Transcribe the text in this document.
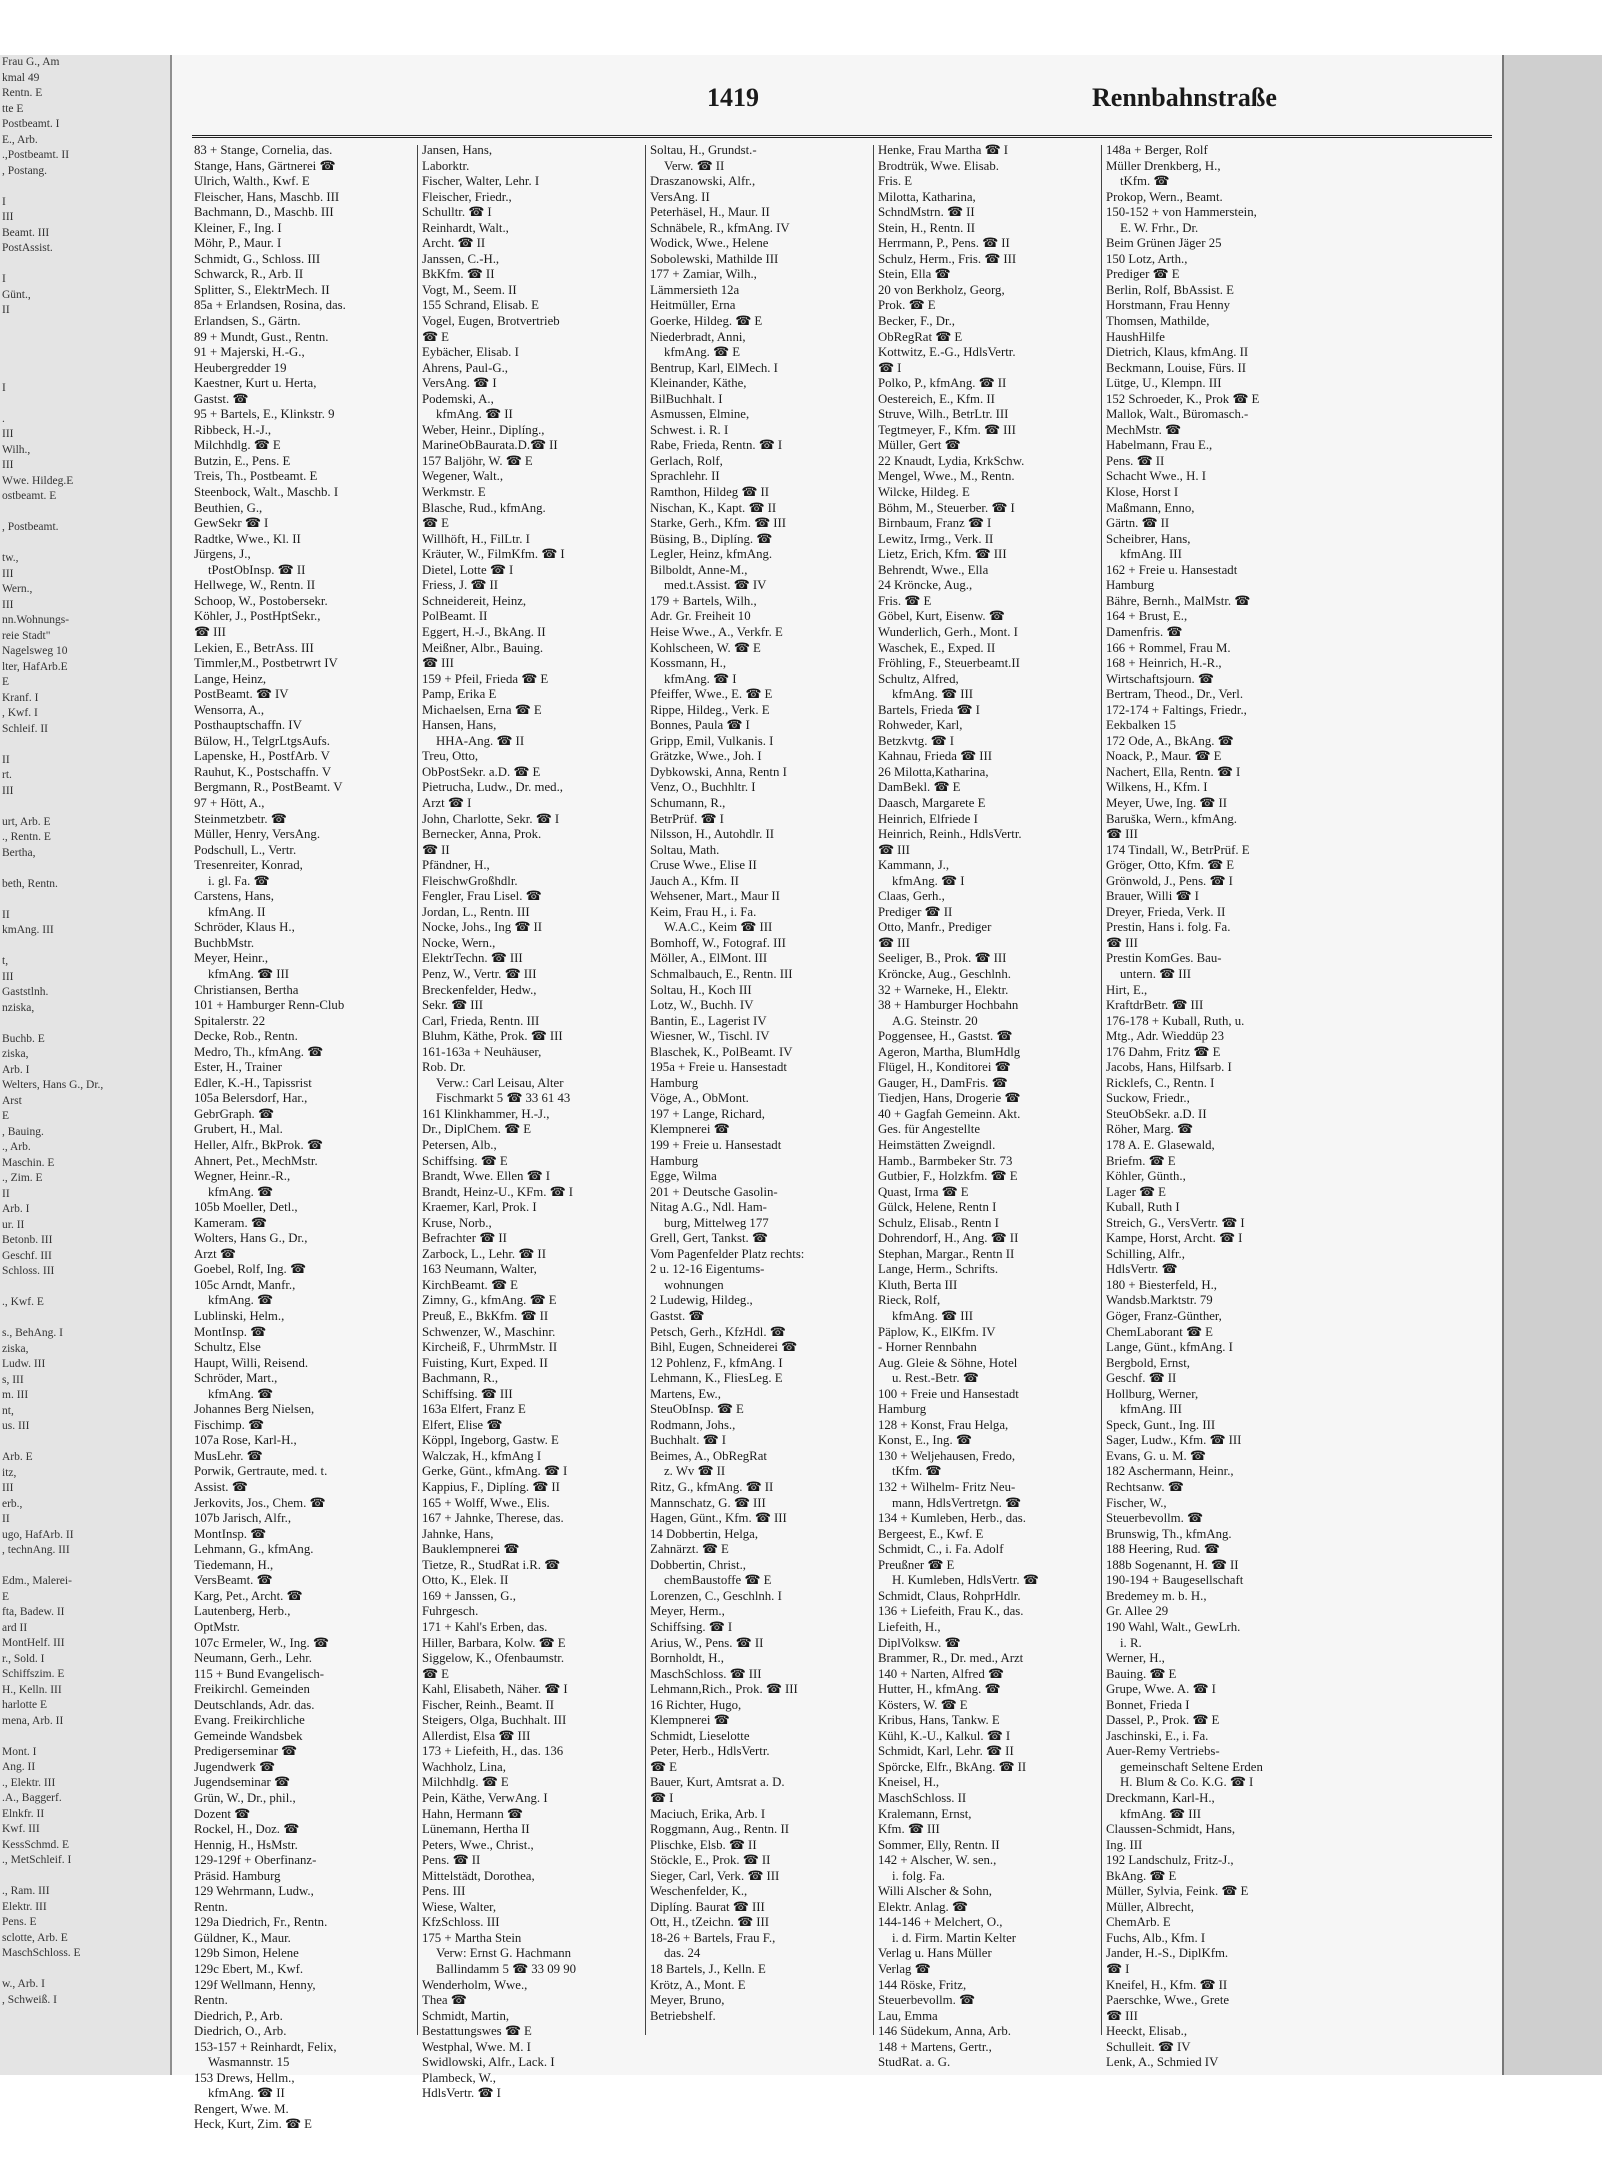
Frau G., Am
kmal 49
Rentn. E
tte E
Postbeamt. I
E., Arb.
.,Postbeamt. II
, Postang.

I
III
Beamt. III
PostAssist.

I
Günt.,
II

I

.
III
Wilh.,
III
Wwe. Hildeg.E
ostbeamt. E

, Postbeamt.

tw.,
III
Wern.,
III
nn.Wohnungs-
reie Stadt"
Nagelsweg 10
lter, HafArb.E
E
Kranf. I
, Kwf. I
Schleif. II

II
rt.
III

urt, Arb. E
., Rentn. E
Bertha,

beth, Rentn.

II
kmAng. III

t,
III
Gaststlnh.
nziska,

Buchb. E
ziska,
Arb. I
Welters, Hans G., Dr.,
Arst
E
, Bauing.
., Arb.
Maschin. E
., Zim. E
II
Arb. I
ur. II
Betonb. III
Geschf. III
Schloss. III

., Kwf. E

s., BehAng. I
ziska,
Ludw. III
s, III
m. III
nt,
us. III

Arb. E
itz,
III
erb.,
II
ugo, HafArb. II
, technAng. III

Edm., Malerei-
E
fta, Badew. II
ard II
MontHelf. III
r., Sold. I
Schiffszim. E
H., Kelln. III
harlotte E
mena, Arb. II

Mont. I
Ang. II
., Elektr. III
.A., Baggerf.
Elnkfr. II
Kwf. III
KessSchmd. E
., MetSchleif. I

., Ram. III
Elektr. III
Pens. E
sclotte, Arb. E
MaschSchloss. E

w., Arb. I
, Schweiß. I
1419	Rennbahnstraße
83 + Stange, Cornelia, das.
Stange, Hans, Gärtnerei ☎
Ulrich, Walth., Kwf. E
Fleischer, Hans, Maschb. III
Bachmann, D., Maschb. III
Kleiner, F., Ing. I
Möhr, P., Maur. I
Schmidt, G., Schloss. III
Schwarck, R., Arb. II
Splitter, S., ElektrMech. II
85a + Erlandsen, Rosina, das.
Erlandsen, S., Gärtn.
89 + Mundt, Gust., Rentn.
91 + Majerski, H.-G.,
Heubergredder 19
Kaestner, Kurt u. Herta,
Gastst. ☎
95 + Bartels, E., Klinkstr. 9
Ribbeck, H.-J.,
Milchhdlg. ☎ E
Butzin, E., Pens. E
Treis, Th., Postbeamt. E
Steenbock, Walt., Maschb. I
Beuthien, G.,
GewSekr ☎ I
Radtke, Wwe., Kl. II
Jürgens, J.,
tPostObInsp. ☎ II
Hellwege, W., Rentn. II
Schoop, W., Postobersekr.
Köhler, J., PostHptSekr.,
☎ III
Lekien, E., BetrAss. III
Timmler,M., Postbetrwrt IV
Lange, Heinz,
PostBeamt. ☎ IV
Wensorra, A.,
Posthauptschaffn. IV
Bülow, H., TelgrLtgsAufs.
Lapenske, H., PostfArb. V
Rauhut, K., Postschaffn. V
Bergmann, R., PostBeamt. V
97 + Hött, A.,
Steinmetzbetr. ☎
Müller, Henry, VersAng.
Podschull, L., Vertr.
Tresenreiter, Konrad,
i. gl. Fa. ☎
Carstens, Hans,
kfmAng. II
Schröder, Klaus H.,
BuchbMstr.
Meyer, Heinr.,
kfmAng. ☎ III
Christiansen, Bertha
101 + Hamburger Renn-Club
Spitalerstr. 22
Decke, Rob., Rentn.
Medro, Th., kfmAng. ☎
Ester, H., Trainer
Edler, K.-H., Tapissrist
105a Belersdorf, Har.,
GebrGraph. ☎
Grubert, H., Mal.
Heller, Alfr., BkProk. ☎
Ahnert, Pet., MechMstr.
Wegner, Heinr.-R.,
kfmAng. ☎
105b Moeller, Detl.,
Kameram. ☎
Wolters, Hans G., Dr.,
Arzt ☎
Goebel, Rolf, Ing. ☎
105c Arndt, Manfr.,
kfmAng. ☎
Lublinski, Helm.,
MontInsp. ☎
Schultz, Else
Haupt, Willi, Reisend.
Schröder, Mart.,
kfmAng. ☎
Johannes Berg Nielsen,
Fischimp. ☎
107a Rose, Karl-H.,
MusLehr. ☎
Porwik, Gertraute, med. t.
Assist. ☎
Jerkovits, Jos., Chem. ☎
107b Jarisch, Alfr.,
MontInsp. ☎
Lehmann, G., kfmAng.
Tiedemann, H.,
VersBeamt. ☎
Karg, Pet., Archt. ☎
Lautenberg, Herb.,
OptMstr.
107c Ermeler, W., Ing. ☎
Neumann, Gerh., Lehr.
115 + Bund Evangelisch-
Freikirchl. Gemeinden
Deutschlands, Adr. das.
Evang. Freikirchliche
Gemeinde Wandsbek
Predigerseminar ☎
Jugendwerk ☎
Jugendseminar ☎
Grün, W., Dr., phil.,
Dozent ☎
Rockel, H., Doz. ☎
Hennig, H., HsMstr.
129-129f + Oberfinanz-
Präsid. Hamburg
129 Wehrmann, Ludw.,
Rentn.
129a Diedrich, Fr., Rentn.
Güldner, K., Maur.
129b Simon, Helene
129c Ebert, M., Kwf.
129f Wellmann, Henny,
Rentn.
Diedrich, P., Arb.
Diedrich, O., Arb.
153-157 + Reinhardt, Felix,
Wasmannstr. 15
153 Drews, Hellm.,
kfmAng. ☎ II
Rengert, Wwe. M.
Heck, Kurt, Zim. ☎ E
Jansen, Hans,
Laborktr.
Fischer, Walter, Lehr. I
Fleischer, Friedr.,
Schulltr. ☎ I
Reinhardt, Walt.,
Archt. ☎ II
Janssen, C.-H.,
BkKfm. ☎ II
Vogt, M., Seem. II
155 Schrand, Elisab. E
Vogel, Eugen, Brotvertrieb
☎ E
Eybächer, Elisab. I
Ahrens, Paul-G.,
VersAng. ☎ I
Podemski, A.,
kfmAng. ☎ II
Weber, Heinr., Diplíng.,
MarineObBaurata.D.☎ II
157 Baljöhr, W. ☎ E
Wegener, Walt.,
Werkmstr. E
Blasche, Rud., kfmAng.
☎ E
Willhöft, H., FilLtr. I
Kräuter, W., FilmKfm. ☎ I
Dietel, Lotte ☎ I
Friess, J. ☎ II
Schneidereit, Heinz,
PolBeamt. II
Eggert, H.-J., BkAng. II
Meißner, Albr., Bauing.
☎ III
159 + Pfeil, Frieda ☎ E
Pamp, Erika E
Michaelsen, Erna ☎ E
Hansen, Hans,
HHA-Ang. ☎ II
Treu, Otto,
ObPostSekr. a.D. ☎ E
Pietrucha, Ludw., Dr. med.,
Arzt ☎ I
John, Charlotte, Sekr. ☎ I
Bernecker, Anna, Prok.
☎ II
Pfändner, H.,
FleischwGroßhdlr.
Fengler, Frau Lisel. ☎
Jordan, L., Rentn. III
Nocke, Johs., Ing ☎ II
Nocke, Wern.,
ElektrTechn. ☎ III
Penz, W., Vertr. ☎ III
Breckenfelder, Hedw.,
Sekr. ☎ III
Carl, Frieda, Rentn. III
Bluhm, Käthe, Prok. ☎ III
161-163a + Neuhäuser,
Rob. Dr.
Verw.: Carl Leisau, Alter
Fischmarkt 5 ☎ 33 61 43
161 Klinkhammer, H.-J.,
Dr., DiplChem. ☎ E
Petersen, Alb.,
Schiffsing. ☎ E
Brandt, Wwe. Ellen ☎ I
Brandt, Heinz-U., KFm. ☎ I
Kraemer, Karl, Prok. I
Kruse, Norb.,
Befrachter ☎ II
Zarbock, L., Lehr. ☎ II
163 Neumann, Walter,
KirchBeamt. ☎ E
Zimny, G., kfmAng. ☎ E
Preuß, E., BkKfm. ☎ II
Schwenzer, W., Maschinг.
Kircheiß, F., UhrmMstr. II
Fuisting, Kurt, Exped. II
Bachmann, R.,
Schiffsing. ☎ III
163a Elfert, Franz E
Elfert, Elise ☎
Köppl, Ingeborg, Gastw. E
Walczak, H., kfmAng I
Gerke, Günt., kfmAng. ☎ I
Kappius, F., Diplíng. ☎ II
165 + Wolff, Wwe., Elis.
167 + Jahnke, Therese, das.
Jahnke, Hans,
Bauklempnerei ☎
Tietze, R., StudRat i.R. ☎
Otto, K., Elek. II
169 + Janssen, G.,
Fuhrgesch.
171 + Kahl's Erben, das.
Hiller, Barbara, Kolw. ☎ E
Siggelow, K., Ofenbaumstr.
☎ E
Kahl, Elisabeth, Näher. ☎ I
Fischer, Reinh., Beamt. II
Steigers, Olga, Buchhalt. III
Allerdist, Elsa ☎ III
173 + Liefeith, H., das. 136
Wachholz, Lina,
Milchhdlg. ☎ E
Pein, Käthe, VerwAng. I
Hahn, Hermann ☎
Lünemann, Hertha II
Peters, Wwe., Christ.,
Pens. ☎ II
Mittelstädt, Dorothea,
Pens. III
Wiese, Walter,
KfzSchloss. III
175 + Martha Stein
Verw: Ernst G. Hachmann
Ballindamm 5 ☎ 33 09 90
Wenderholm, Wwe.,
Thea ☎
Schmidt, Martin,
Bestattungswes ☎ E
Westphal, Wwe. M. I
Swidlowski, Alfr., Lack. I
Plambeck, W.,
HdlsVertr. ☎ I
Soltau, H., Grundst.-
Verw. ☎ II
Draszanowski, Alfr.,
VersAng. II
Peterhäsel, H., Maur. II
Schnäbele, R., kfmAng. IV
Wodick, Wwe., Helene
Sobolewski, Mathilde III
177 + Zamiar, Wilh.,
Lämmersieth 12a
Heitmüller, Erna
Goerke, Hildeg. ☎ E
Niederbradt, Anni,
kfmAng. ☎ E
Bentrup, Karl, ElMech. I
Kleinander, Käthe,
BilBuchhalt. I
Asmussen, Elmine,
Schwest. i. R. I
Rabe, Frieda, Rentn. ☎ I
Gerlach, Rolf,
Sprachlehr. II
Ramthon, Hildeg ☎ II
Nischan, K., Kapt. ☎ II
Starke, Gerh., Kfm. ☎ III
Büsing, B., Diplíng. ☎
Legler, Heinz, kfmAng.
Bilboldt, Anne-M.,
med.t.Assist. ☎ IV
179 + Bartels, Wilh.,
Adr. Gr. Freiheit 10
Heise Wwe., A., Verkfr. E
Kohlscheen, W. ☎ E
Kossmann, H.,
kfmAng. ☎ I
Pfeiffer, Wwe., E. ☎ E
Rippe, Hildeg., Verk. E
Bonnes, Paula ☎ I
Gripp, Emil, Vulkanis. I
Grätzke, Wwe., Joh. I
Dybkowski, Anna, Rentn I
Venz, O., Buchhltr. I
Schumann, R.,
BetrPrüf. ☎ I
Nilsson, H., Autohdlr. II
Soltau, Math.
Cruse Wwe., Elise II
Jauch A., Kfm. II
Wehsener, Mart., Maur II
Keim, Frau H., i. Fa.
W.A.C., Keim ☎ III
Bomhoff, W., Fotograf. III
Möller, A., ElMont. III
Schmalbauch, E., Rentn. III
Soltau, H., Koch III
Lotz, W., Buchh. IV
Bantin, E., Lagerist IV
Wiesner, W., Tischl. IV
Blaschek, K., PolBeamt. IV
195a + Freie u. Hansestadt
Hamburg
Vöge, A., ObMont.
197 + Lange, Richard,
Klempnerei ☎
199 + Freie u. Hansestadt
Hamburg
Egge, Wilma
201 + Deutsche Gasolin-
Nitag A.G., Ndl. Ham-
burg, Mittelweg 177
Grell, Gert, Tankst. ☎
Vom Pagenfelder Platz rechts:
2 u. 12-16 Eigentums-
wohnungen
2 Ludewig, Hildeg.,
Gastst. ☎
Petsch, Gerh., KfzHdl. ☎
Bihl, Eugen, Schneiderei ☎
12 Pohlenz, F., kfmAng. I
Lehmann, K., FliesLeg. E
Martens, Ew.,
SteuObInsp. ☎ E
Rodmann, Johs.,
Buchhalt. ☎ I
Beimes, A., ObRegRat
z. Wv ☎ II
Ritz, G., kfmAng. ☎ II
Mannschatz, G. ☎ III
Hagen, Günt., Kfm. ☎ III
14 Dobbertin, Helga,
Zahnärzt. ☎ E
Dobbertin, Christ.,
chemBaustoffe ☎ E
Lorenzen, C., Geschlnh. I
Meyer, Herm.,
Schiffsing. ☎ I
Arius, W., Pens. ☎ II
Bornholdt, H.,
MaschSchloss. ☎ III
Lehmann,Rich., Prok. ☎ III
16 Richter, Hugo,
Klempnerei ☎
Schmidt, Lieselotte
Peter, Herb., HdlsVertr.
☎ E
Bauer, Kurt, Amtsrat a. D.
☎ I
Maciuch, Erika, Arb. I
Roggmann, Aug., Rentn. II
Plischke, Elsb. ☎ II
Stöckle, E., Prok. ☎ II
Sieger, Carl, Verk. ☎ III
Weschenfelder, K.,
Diplíng. Baurat ☎ III
Ott, H., tZeichn. ☎ III
18-26 + Bartels, Frau F.,
das. 24
18 Bartels, J., Kelln. E
Krötz, A., Mont. E
Meyer, Bruno,
Betriebshelf.
Henke, Frau Martha ☎ I
Brodtrük, Wwe. Elisab.
Fris. E
Milotta, Katharina,
SchndMstrn. ☎ II
Stein, H., Rentn. II
Herrmann, P., Pens. ☎ II
Schulz, Herm., Fris. ☎ III
Stein, Ella ☎
20 von Berkholz, Georg,
Prok. ☎ E
Becker, F., Dr.,
ObRegRat ☎ E
Kottwitz, E.-G., HdlsVertr.
☎ I
Polko, P., kfmAng. ☎ II
Oestereich, E., Kfm. II
Struve, Wilh., BetrLtr. III
Tegtmeyer, F., Kfm. ☎ III
Müller, Gert ☎
22 Knaudt, Lydia, KrkSchw.
Mengel, Wwe., M., Rentn.
Wilcke, Hildeg. E
Böhm, M., Steuerber. ☎ I
Birnbaum, Franz ☎ I
Lewitz, Irmg., Verk. II
Lietz, Erich, Kfm. ☎ III
Behrendt, Wwe., Ella
24 Kröncke, Aug.,
Fris. ☎ E
Göbel, Kurt, Eisenw. ☎
Wunderlich, Gerh., Mont. I
Waschek, E., Exped. II
Fröhling, F., Steuerbeamt.II
Schultz, Alfred,
kfmAng. ☎ III
Bartels, Frieda ☎ I
Rohweder, Karl,
Betzkvtg. ☎ I
Kahnau, Frieda ☎ III
26 Milotta,Katharina,
DamBekl. ☎ E
Daasch, Margarete E
Heinrich, Elfriede I
Heinrich, Reinh., HdlsVertr.
☎ III
Kammann, J.,
kfmAng. ☎ I
Claas, Gerh.,
Prediger ☎ II
Otto, Manfr., Prediger
☎ III
Seeliger, B., Prok. ☎ III
Kröncke, Aug., Geschlnh.
32 + Warneke, H., Elektr.
38 + Hamburger Hochbahn
A.G. Steinstr. 20
Poggensee, H., Gastst. ☎
Ageron, Martha, BlumHdlg
Flügel, H., Konditorei ☎
Gauger, H., DamFris. ☎
Tiedjen, Hans, Drogerie ☎
40 + Gagfah Gemeinn. Akt.
Ges. für Angestellte
Heimstätten Zweigndl.
Hamb., Barmbeker Str. 73
Gutbier, F., Holzkfm. ☎ E
Quast, Irma ☎ E
Gülck, Helene, Rentn I
Schulz, Elisab., Rentn I
Dohrendorf, H., Ang. ☎ II
Stephan, Margar., Rentn II
Lange, Herm., Schrifts.
Kluth, Berta III
Rieck, Rolf,
kfmAng. ☎ III
Päplow, K., ElKfm. IV
- Horner Rennbahn
Aug. Gleie & Söhne, Hotel
u. Rest.-Betr. ☎
100 + Freie und Hansestadt
Hamburg
128 + Konst, Frau Helga,
Konst, E., Ing. ☎
130 + Weljehausen, Fredo,
tKfm. ☎
132 + Wilhelm- Fritz Neu-
mann, HdlsVertretgn. ☎
134 + Kumleben, Herb., das.
Bergeest, E., Kwf. E
Schmidt, C., i. Fa. Adolf
Preußner ☎ E
H. Kumleben, HdlsVertr. ☎
Schmidt, Claus, RohprHdlr.
136 + Liefeith, Frau K., das.
Liefeith, H.,
DiplVolksw. ☎
Brammer, R., Dr. med., Arzt
140 + Narten, Alfred ☎
Hutter, H., kfmAng. ☎
Kösters, W. ☎ E
Kribus, Hans, Tankw. E
Kühl, K.-U., Kalkul. ☎ I
Schmidt, Karl, Lehr. ☎ II
Spörcke, Elfr., BkAng. ☎ II
Kneisel, H.,
MaschSchloss. II
Kralemann, Ernst,
Kfm. ☎ III
Sommer, Elly, Rentn. II
142 + Alscher, W. sen.,
i. folg. Fa.
Willi Alscher & Sohn,
Elektr. Anlag. ☎
144-146 + Melchert, O.,
i. d. Firm. Martin Kelter
Verlag u. Hans Müller
Verlag ☎
144 Röske, Fritz,
Steuerbevollm. ☎
Lau, Emma
146 Südekum, Anna, Arb.
148 + Martens, Gertr.,
StudRat. a. G.
148a + Berger, Rolf
Müller Drenkberg, H.,
tKfm. ☎
Prokop, Wern., Beamt.
150-152 + von Hammerstein,
E. W. Frhr., Dr.
Beim Grünen Jäger 25
150 Lotz, Arth.,
Prediger ☎ E
Berlin, Rolf, BbAssist. E
Horstmann, Frau Henny
Thomsen, Mathilde,
HaushHilfe
Dietrich, Klaus, kfmAng. II
Beckmann, Louise, Fürs. II
Lütge, U., Klempn. III
152 Schroeder, K., Prok ☎ E
Mallok, Walt., Büromasch.-
MechMstr. ☎
Habelmann, Frau E.,
Pens. ☎ II
Schacht Wwe., H. I
Klose, Horst I
Maßmann, Enno,
Gärtn. ☎ II
Scheibrer, Hans,
kfmAng. III
162 + Freie u. Hansestadt
Hamburg
Bähre, Bernh., MalMstr. ☎
164 + Brust, E.,
Damenfris. ☎
166 + Rommel, Frau M.
168 + Heinrich, H.-R.,
Wirtschaftsjourn. ☎
Bertram, Theod., Dr., Verl.
172-174 + Faltings, Friedr.,
Eekbalken 15
172 Ode, A., BkAng. ☎
Noack, P., Maur. ☎ E
Nachert, Ella, Rentn. ☎ I
Wilkens, H., Kfm. I
Meyer, Uwe, Ing. ☎ II
Baruška, Wern., kfmAng.
☎ III
174 Tindall, W., BetrPrüf. E
Gröger, Otto, Kfm. ☎ E
Grönwold, J., Pens. ☎ I
Brauer, Willi ☎ I
Dreyer, Frieda, Verk. II
Prestin, Hans i. folg. Fa.
☎ III
Prestin KomGes. Bau-
untern. ☎ III
Hirt, E.,
KraftdrBetr. ☎ III
176-178 + Kuball, Ruth, u.
Mtg., Adr. Wieddüp 23
176 Dahm, Fritz ☎ E
Jacobs, Hans, Hilfsarb. I
Ricklefs, C., Rentn. I
Suckow, Friedr.,
SteuObSekr. a.D. II
Röher, Marg. ☎
178 A. E. Glasewald,
Briefm. ☎ E
Köhler, Günth.,
Lager ☎ E
Kuball, Ruth I
Streich, G., VersVertr. ☎ I
Kampe, Horst, Archt. ☎ I
Schilling, Alfr.,
HdlsVertr. ☎
180 + Biesterfeld, H.,
Wandsb.Marktstr. 79
Göger, Franz-Günther,
ChemLaborant ☎ E
Lange, Günt., kfmAng. I
Bergbold, Ernst,
Geschf. ☎ II
Hollburg, Werner,
kfmAng. III
Speck, Gunt., Ing. III
Sager, Ludw., Kfm. ☎ III
Evans, G. u. M. ☎
182 Aschermann, Heinr.,
Rechtsanw. ☎
Fischer, W.,
Steuerbevollm. ☎
Brunswig, Th., kfmAng.
188 Heering, Rud. ☎
188b Sogenannt, H. ☎ II
190-194 + Baugesellschaft
Bredemey m. b. H.,
Gr. Allee 29
190 Wahl, Walt., GewLrh.
i. R.
Werner, H.,
Bauing. ☎ E
Grupe, Wwe. A. ☎ I
Bonnet, Frieda I
Dassel, P., Prok. ☎ E
Jaschinski, E., i. Fa.
Auer-Remy Vertriebs-
gemeinschaft Seltene Erden
H. Blum & Co. K.G. ☎ I
Dreckmann, Karl-H.,
kfmAng. ☎ III
Claussen-Schmidt, Hans,
Ing. III
192 Landschulz, Fritz-J.,
BkAng. ☎ E
Müller, Sylvia, Feink. ☎ E
Müller, Albrecht,
ChemArb. E
Fuchs, Alb., Kfm. I
Jander, H.-S., DiplKfm.
☎ I
Kneifel, H., Kfm. ☎ II
Paerschke, Wwe., Grete
☎ III
Heeckt, Elisab.,
Schulleit. ☎ IV
Lenk, A., Schmied IV
